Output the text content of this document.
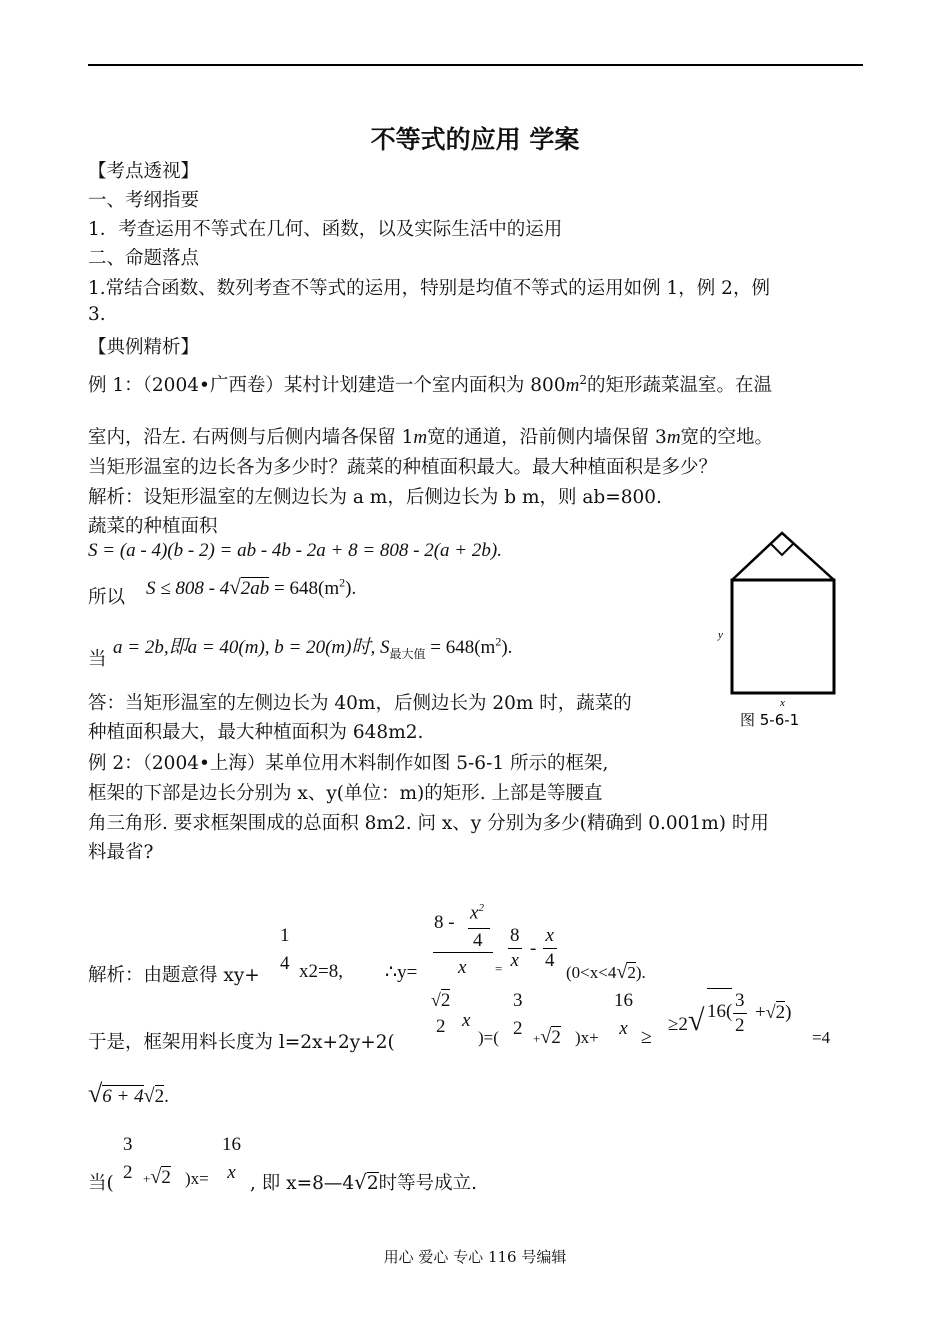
不等式的应用 学案
【考点透视】
一、考纲指要
1．考查运用不等式在几何、函数，以及实际生活中的运用
二、命题落点
1.常结合函数、数列考查不等式的运用，特别是均值不等式的运用如例 1，例 2，例
3.
【典例精析】
例 1：（2004•广西卷）某村计划建造一个室内面积为 $800m^2$的矩形蔬菜温室。在温
室内，沿左. 右两侧与后侧内墙各保留 1m宽的通道，沿前侧内墙保留 3m宽的空地。
当矩形温室的边长各为多少时？蔬菜的种植面积最大。最大种植面积是多少？
解析：设矩形温室的左侧边长为 a m，后侧边长为 b m，则 ab=800.
蔬菜的种植面积
S = (a - 4)(b - 2) = ab - 4b - 2a + 8 = 808 - 2(a + 2b).
所以 $S \le 808 - 4√2ab = 648(m^2)$.
当
a = 2b,即a = 40(m), b = 20(m)时, $S_{最大值} = 648(m^2)$.
答：当矩形温室的左侧边长为 40m，后侧边长为 20m 时，蔬菜的
种植面积最大，最大种植面积为 648m2.
y
x
图 5-6-1
例 2：（2004•上海）某单位用木料制作如图 5-6-1 所示的框架,
框架的下部是边长分别为 x、y(单位：m)的矩形. 上部是等腰直
角三角形. 要求框架围成的总面积 8m2. 问 x、y 分别为多少(精确到 0.001m) 时用
料最省?
解析：由题意得 xy+
1
4 x2=8, ∴y=
$8 - x^2$
4
x =
8
x
-
x
4
(0<x<4√2).
于是，框架用料长度为 l=2x+2y+2(
√2
2 x
)=(
3
2 +√2 )x+
16
x ≥
≥2√ 16(
3
2
+√2)
=4
√6 + 4√2.
当(
3
2 +√2 )x=
16
x
, 即 x=8—4√2时等号成立.
用心 爱心 专心 116 号编辑
